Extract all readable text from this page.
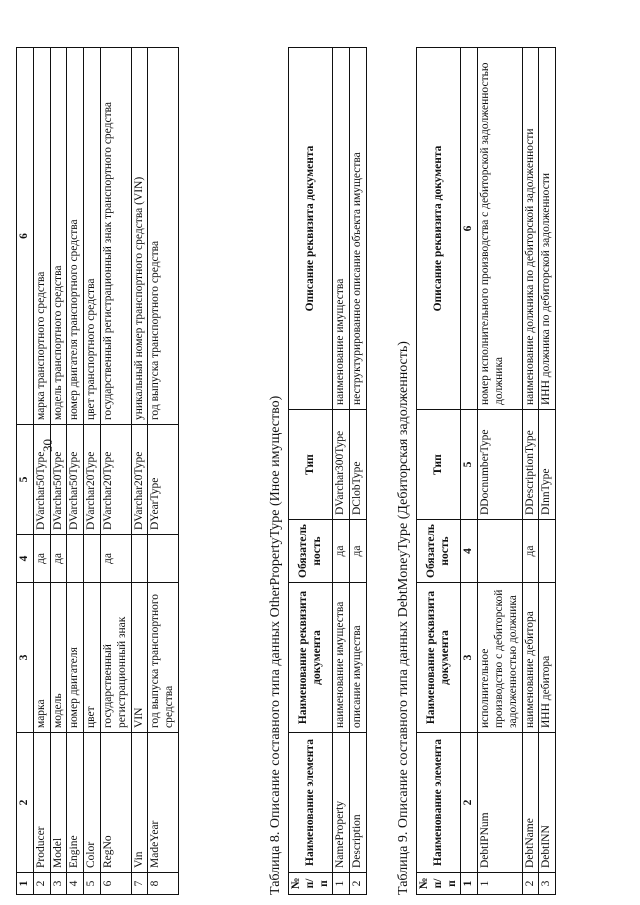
30
1	2	3	4	5	6
2	Producer	марка	да	DVarchar50Type	марка транспортного средства
3	Model	модель	да	DVarchar50Type	модель транспортного средства
4	Engine	номер двигателя		DVarchar50Type	номер двигателя транспортного средства
5	Color	цвет		DVarchar20Type	цвет транспортного средства
6	RegNo	государственный регистрационный знак	да	DVarchar20Type	государственный регистрационный знак транспортного средства
7	Vin	VIN		DVarchar20Type	уникальный номер транспортного средства (VIN)
8	MadeYear	год выпуска транспортного средства		DYearType	год выпуска транспортного средства
Таблица 8. Описание составного типа данных OtherPropertyType (Иное имущество) № п/п	Наименование элемента	Наименование реквизита документа	Обязатель ность	Тип	Описание реквизита документа
1	NameProperty	наименование имущества	да	DVarchar300Type	наименование имущества
2	Description	описание имущества	да	DClobType	неструктурированное описание объекта имущества
Таблица 9. Описание составного типа данных DebtMoneyType (Дебиторская задолженность) № п/п	Наименование элемента	Наименование реквизита документа	Обязатель ность	Тип	Описание реквизита документа
1	2	3	4	5	6
1	DebtIPNum	исполнительное производство с дебиторской задолженностью должника		DDocnumberType	номер исполнительного производства с дебиторской задолженностью должника
2	DebtName	наименование дебитора	да	DDescriptionType	наименование должника по дебиторской задолженности
3	DebtINN	ИНН дебитора		DInnType	ИНН должника по дебиторской задолженности
